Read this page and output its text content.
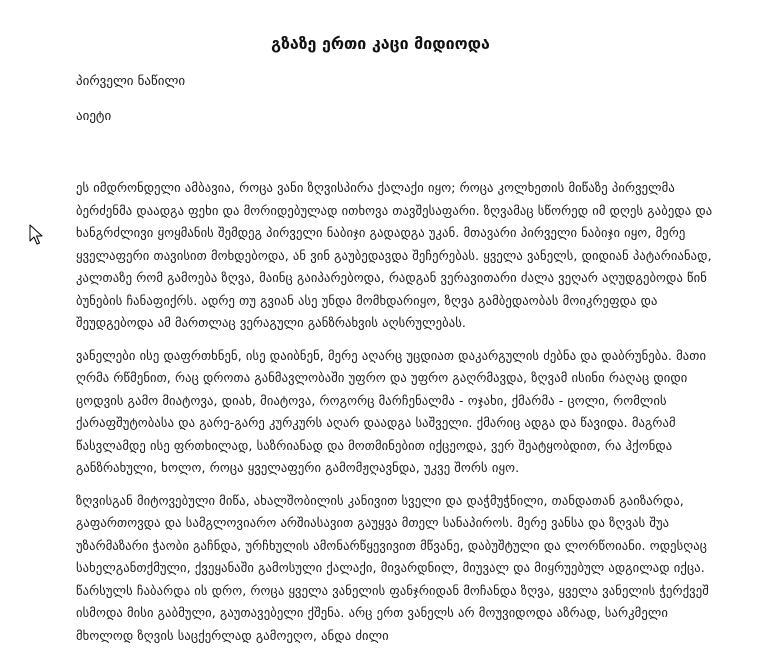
გზაზე ერთი კაცი მიდიოდა

პირველი ნაწილი

აიეტი

ეს იმდრონდელი ამბავია, როცა ვანი ზღვისპირა ქალაქი იყო; როცა კოლხეთის მიწაზე პირველმა ბერძენმა დაადგა ფეხი და მორიდებულად ითხოვა თავშესაფარი. ზღვამაც სწორედ იმ დღეს გაბედა და ხანგრძლივი ყოყმანის შემდეგ პირველი ნაბიჯი გადადგა უკან. მთავარი პირველი ნაბიჯი იყო, მერე ყველაფერი თავისით მოხდებოდა, ან ვინ გაუბედავდა შეჩერებას. ყველა ვანელს, დიდიან პატარიანად, კალთაზე რომ გამოება ზღვა, მაინც გაიპარებოდა, რადგან ვერავითარი ძალა ვეღარ აღუდგებოდა წინ ბუნების ჩანაფიქრს. ადრე თუ გვიან ასე უნდა მომხდარიყო, ზღვა გამბედაობას მოიკრეფდა და შეუდგებოდა ამ მართლაც ვერაგული განზრახვის აღსრულებას.

ვანელები ისე დაფრთხნენ, ისე დაიბნენ, მერე აღარც უცდიათ დაკარგულის ძებნა და დაბრუნება. მათი ღრმა რწმენით, რაც დროთა განმავლობაში უფრო და უფრო გაღრმავდა, ზღვამ ისინი რაღაც დიდი ცოდვის გამო მიატოვა, დიახ, მიატოვა, როგორც მარჩენალმა - ოჯახი, ქმარმა - ცოლი, რომლის ქარაფშუტობასა და გარე-გარე კურკურს აღარ დაადგა საშველი. ქმარიც ადგა და წავიდა. მაგრამ წასვლამდე ისე ფრთხილად, საზრიანად და მოთმინებით იქცეოდა, ვერ შეატყობდით, რა ჰქონდა განზრახული, ხოლო, როცა ყველაფერი გამომჟღავნდა, უკვე შორს იყო.

ზღვისგან მიტოვებული მიწა, ახალშობილის კანივით სველი და დაჭმუჭნილი, თანდათან გაიზარდა, გაფართოვდა და სამგლოვიარო არშიასავით გაუყვა მთელ სანაპიროს. მერე ვანსა და ზღვას შუა უზარმაზარი ჭაობი გაჩნდა, ურჩხულის ამონარწყევივით მწვანე, დაბუშტული და ლორწოიანი. ოდესღაც სახელგანთქმული, ქვეყანაში გამოსული ქალაქი, მივარდნილ, მიუვალ და მიყრუებულ ადგილად იქცა. წარსულს ჩაბარდა ის დრო, როცა ყველა ვანელის ფანჯრიდან მოჩანდა ზღვა, ყველა ვანელის ჭერქვეშ ისმოდა მისი გაბმული, გაუთავებელი ქშენა. არც ერთ ვანელს არ მოუვიდოდა აზრად, სარკმელი მხოლოდ ზღვის საცქერლად გამოეღო, ანდა ძილი
